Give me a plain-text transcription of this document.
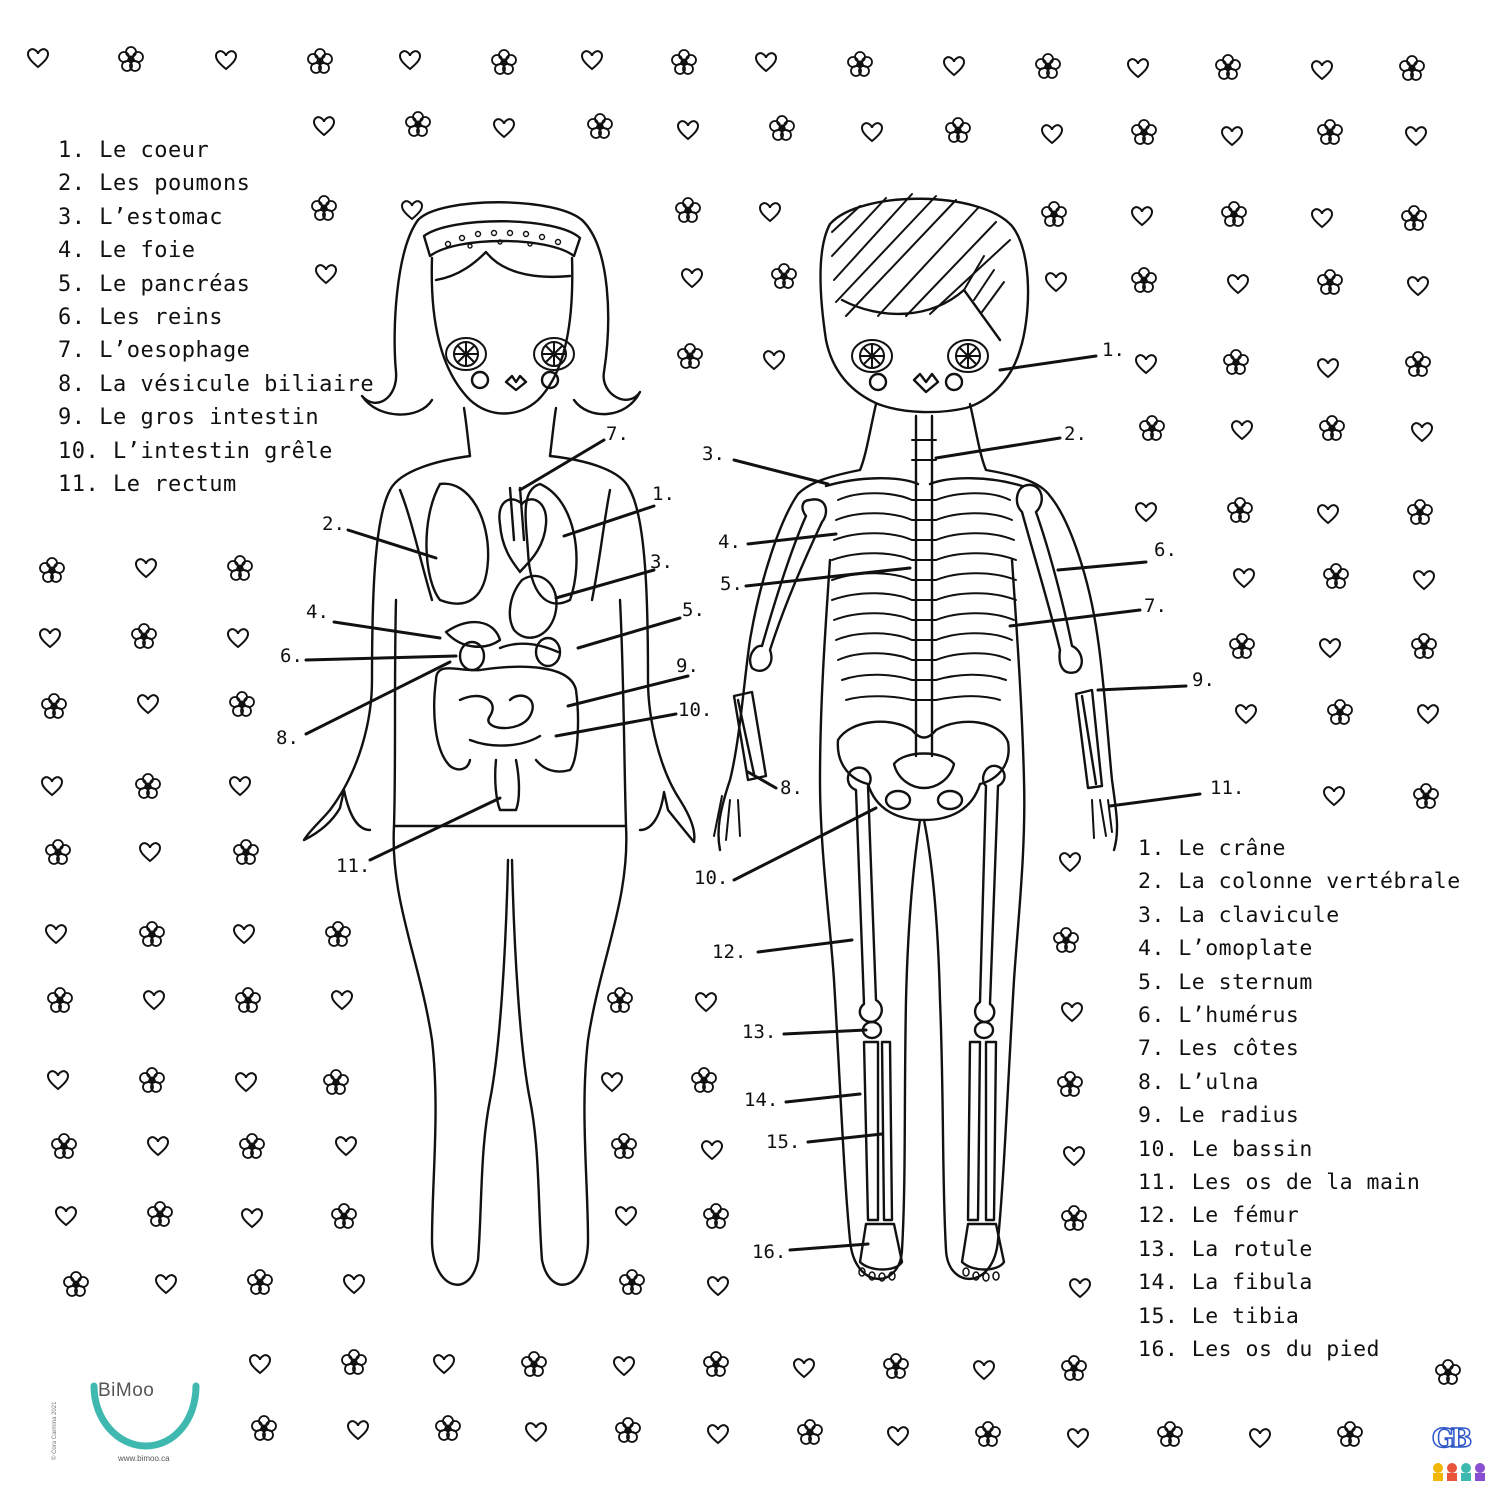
1. Le coeur
2. Les poumons
3. L’estomac
4. Le foie
5. Le pancréas
6. Les reins
7. L’oesophage
8. La vésicule biliaire
9. Le gros intestin
10. L’intestin grêle
11. Le rectum
1. Le crâne
2. La colonne vertébrale
3. La clavicule
4. L’omoplate
5. Le sternum
6. L’humérus
7. Les côtes
8. L’ulna
9. Le radius
10. Le bassin
11. Les os de la main
12. Le fémur
13. La rotule
14. La fibula
15. Le tibia
16. Les os du pied
7.
1.
3.
5.
9.
10.
2.
4.
6.
8.
11.
1.
2.
3.
4.
5.
6.
7.
8.
9.
10.
11.
12.
13.
14.
15.
16.
BiMoo
www.bimoo.ca
© Cora Carmina 2021	GB
